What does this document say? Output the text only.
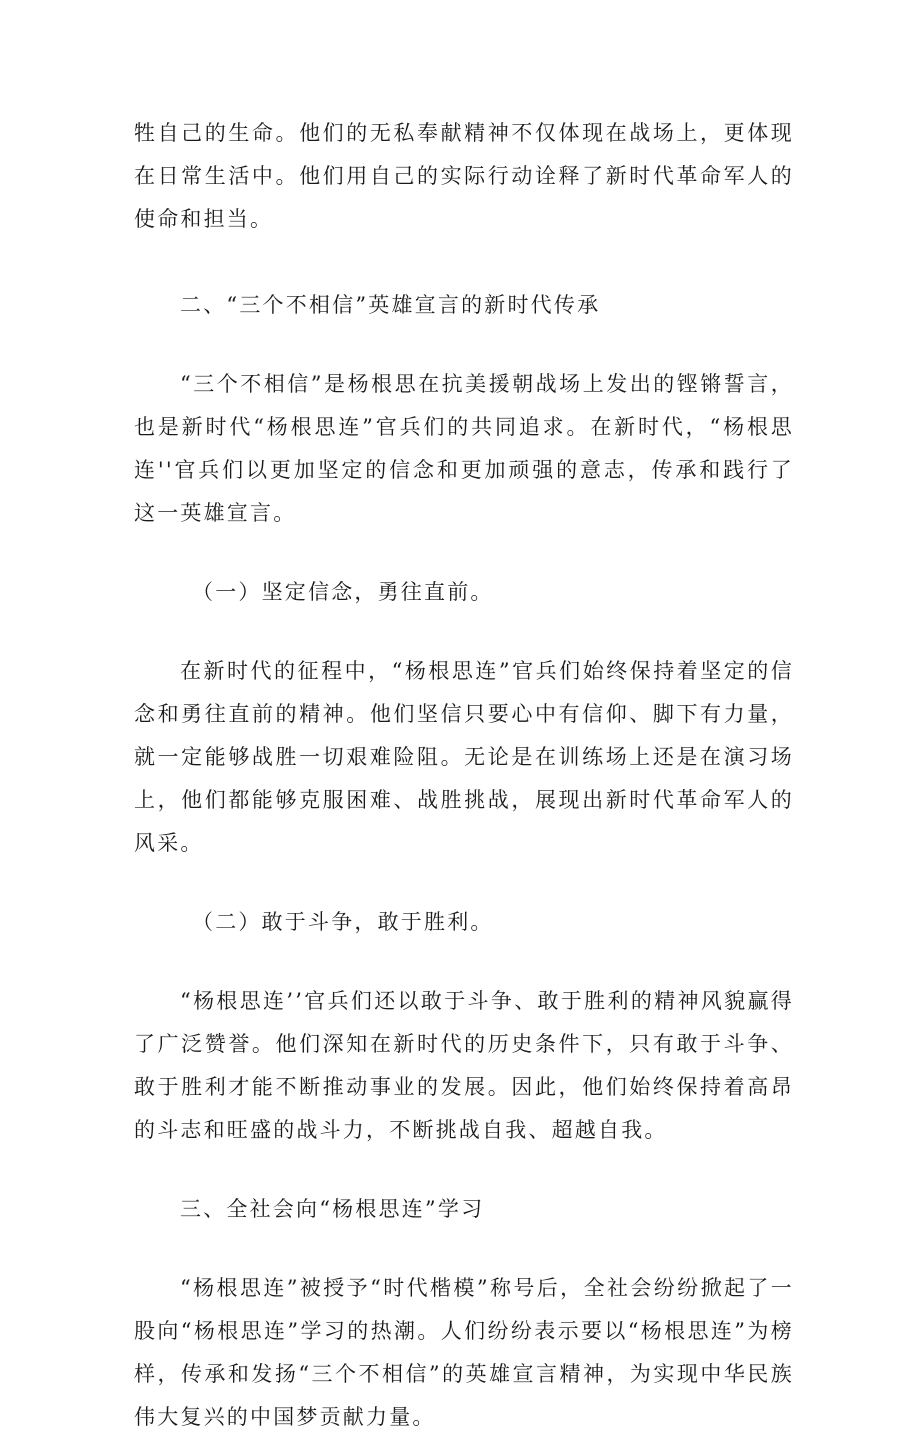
牲自己的生命。他们的无私奉献精神不仅体现在战场上，更体现在日常生活中。他们用自己的实际行动诠释了新时代革命军人的使命和担当。

二、“三个不相信”英雄宣言的新时代传承

“三个不相信”是杨根思在抗美援朝战场上发出的铿锵誓言，也是新时代“杨根思连”官兵们的共同追求。在新时代，“杨根思连''官兵们以更加坚定的信念和更加顽强的意志，传承和践行了这一英雄宣言。

（一）坚定信念，勇往直前。

在新时代的征程中，“杨根思连”官兵们始终保持着坚定的信念和勇往直前的精神。他们坚信只要心中有信仰、脚下有力量，就一定能够战胜一切艰难险阻。无论是在训练场上还是在演习场上，他们都能够克服困难、战胜挑战，展现出新时代革命军人的风采。

（二）敢于斗争，敢于胜利。

“杨根思连’’官兵们还以敢于斗争、敢于胜利的精神风貌赢得了广泛赞誉。他们深知在新时代的历史条件下，只有敢于斗争、敢于胜利才能不断推动事业的发展。因此，他们始终保持着高昂的斗志和旺盛的战斗力，不断挑战自我、超越自我。

三、全社会向“杨根思连”学习

“杨根思连”被授予“时代楷模”称号后，全社会纷纷掀起了一股向“杨根思连”学习的热潮。人们纷纷表示要以“杨根思连”为榜样，传承和发扬“三个不相信”的英雄宣言精神，为实现中华民族伟大复兴的中国梦贡献力量。
